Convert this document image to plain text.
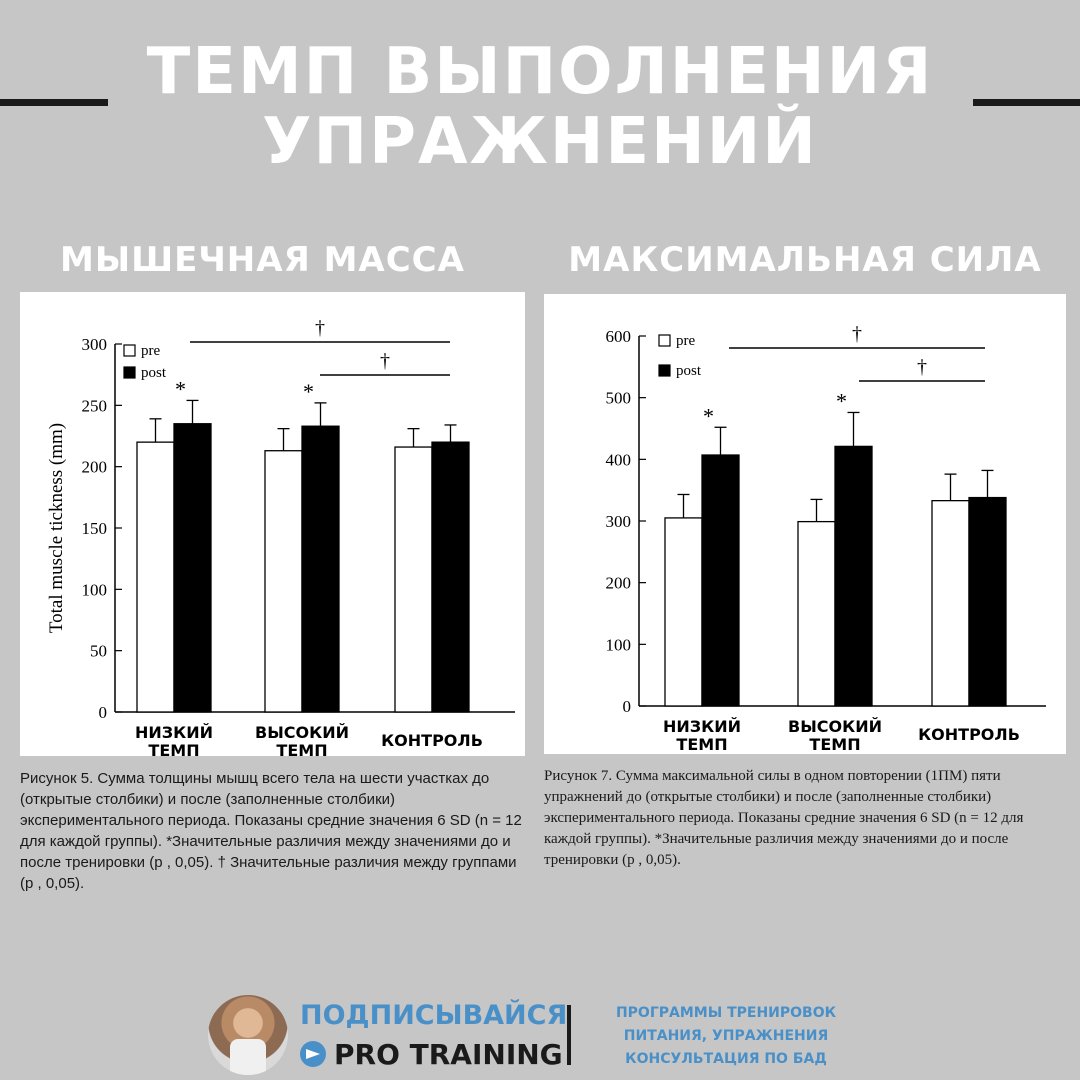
ТЕМП ВЫПОЛНЕНИЯ
УПРАЖНЕНИЙ
МЫШЕЧНАЯ МАССА	МАКСИМАЛЬНАЯ СИЛА
0
50
100
150
200
250
300
Total muscle tickness (mm)
НИЗКИЙ ТЕМП
ВЫСОКИЙ ТЕМП
КОНТРОЛЬ
*	*
†
†
pre
post
0
100
200
300
400
500
600
НИЗКИЙ ТЕМП
ВЫСОКИЙ ТЕМП
КОНТРОЛЬ
*
*
†
†
pre
post
Рисунок 5. Сумма толщины мышц всего тела на шести участках до (открытые столбики) и после (заполненные столбики) экспериментального периода. Показаны средние значения 6 SD (n = 12 для каждой группы). *Значительные различия между значениями до и после тренировки (p , 0,05). † Значительные различия между группами (p , 0,05).
Рисунок 7. Сумма максимальной силы в одном повторении (1ПМ) пяти упражнений до (открытые столбики) и после (заполненные столбики) экспериментального периода. Показаны средние значения 6 SD (n = 12 для каждой группы). *Значительные различия между значениями до и после тренировки (p , 0,05).
ПОДПИСЫВАЙСЯ
PRO TRAINING
ПРОГРАММЫ ТРЕНИРОВОК
ПИТАНИЯ, УПРАЖНЕНИЯ
КОНСУЛЬТАЦИЯ ПО БАД
